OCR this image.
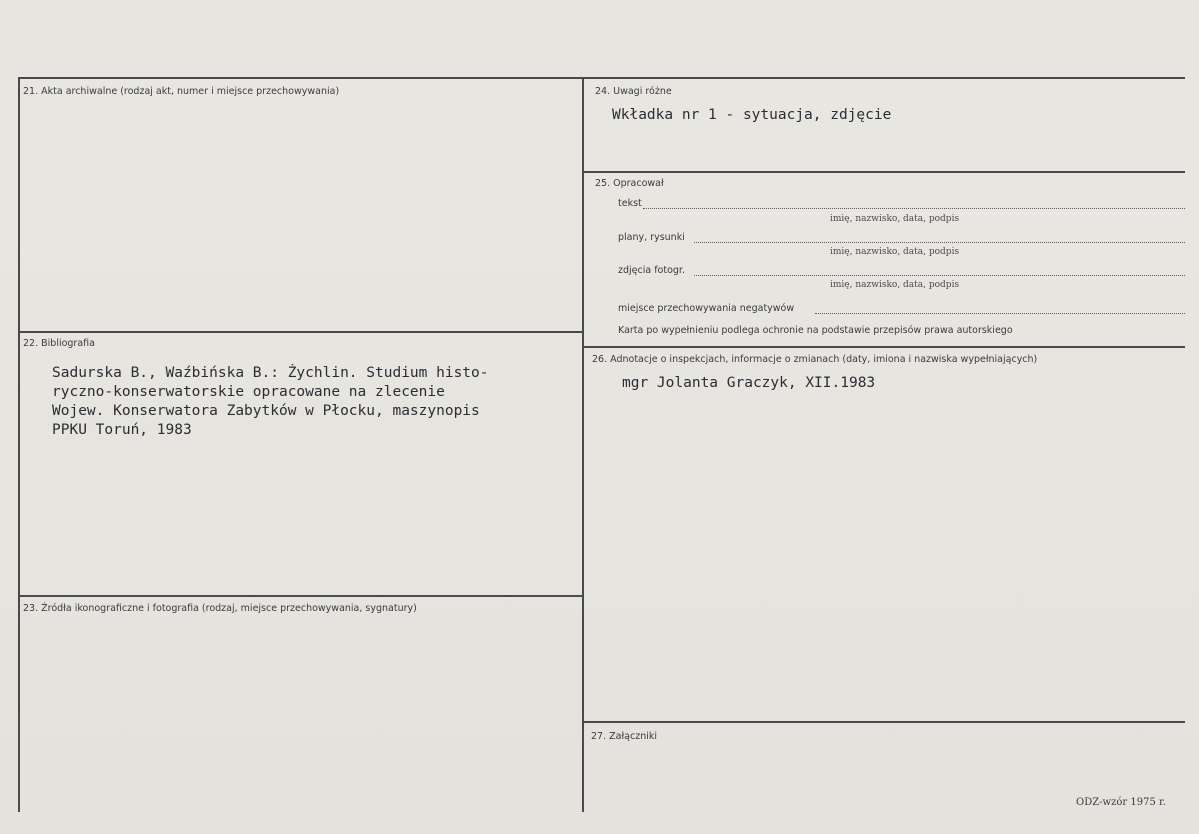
21. Akta archiwalne (rodzaj akt, numer i miejsce przechowywania)
22. Bibliografia
Sadurska B., Waźbińska B.: Żychlin. Studium histo-
ryczno-konserwatorskie opracowane na zlecenie
Wojew. Konserwatora Zabytków w Płocku, maszynopis
PPKU Toruń, 1983
23. Źródła ikonograficzne i fotografia (rodzaj, miejsce przechowywania, sygnatury)
24. Uwagi różne
Wkładka nr 1 - sytuacja, zdjęcie
25. Opracował
tekst
imię, nazwisko, data, podpis
plany, rysunki
imię, nazwisko, data, podpis
zdjęcia fotogr.
imię, nazwisko, data, podpis
miejsce przechowywania negatywów
Karta po wypełnieniu podlega ochronie na podstawie przepisów prawa autorskiego
26. Adnotacje o inspekcjach, informacje o zmianach (daty, imiona i nazwiska wypełniających)
mgr Jolanta Graczyk, XII.1983
27. Załączniki
ODZ-wzór 1975 r.
